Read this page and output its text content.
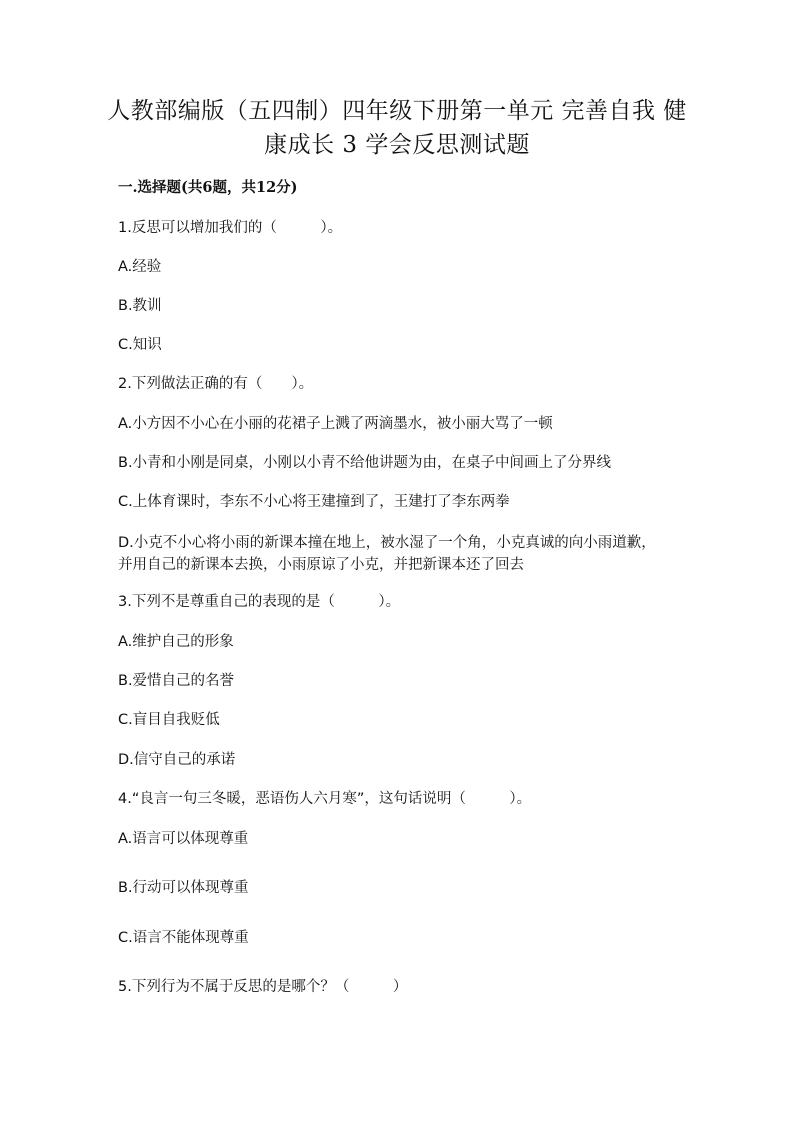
人教部编版（五四制）四年级下册第一单元 完善自我 健康成长 3 学会反思测试题

一.选择题(共6题，共12分)

1.反思可以增加我们的（　　　）。

A.经验

B.教训

C.知识

2.下列做法正确的有（　　）。

A.小方因不小心在小丽的花裙子上溅了两滴墨水，被小丽大骂了一顿

B.小青和小刚是同桌，小刚以小青不给他讲题为由，在桌子中间画上了分界线

C.上体育课时，李东不小心将王建撞到了，王建打了李东两拳

D.小克不小心将小雨的新课本撞在地上，被水湿了一个角，小克真诚的向小雨道歉，并用自己的新课本去换，小雨原谅了小克，并把新课本还了回去

3.下列不是尊重自己的表现的是（　　　）。

A.维护自己的形象

B.爱惜自己的名誉

C.盲目自我贬低

D.信守自己的承诺

4.“良言一句三冬暖，恶语伤人六月寒”，这句话说明（　　　）。

A.语言可以体现尊重

B.行动可以体现尊重

C.语言不能体现尊重

5.下列行为不属于反思的是哪个？（　　　）
